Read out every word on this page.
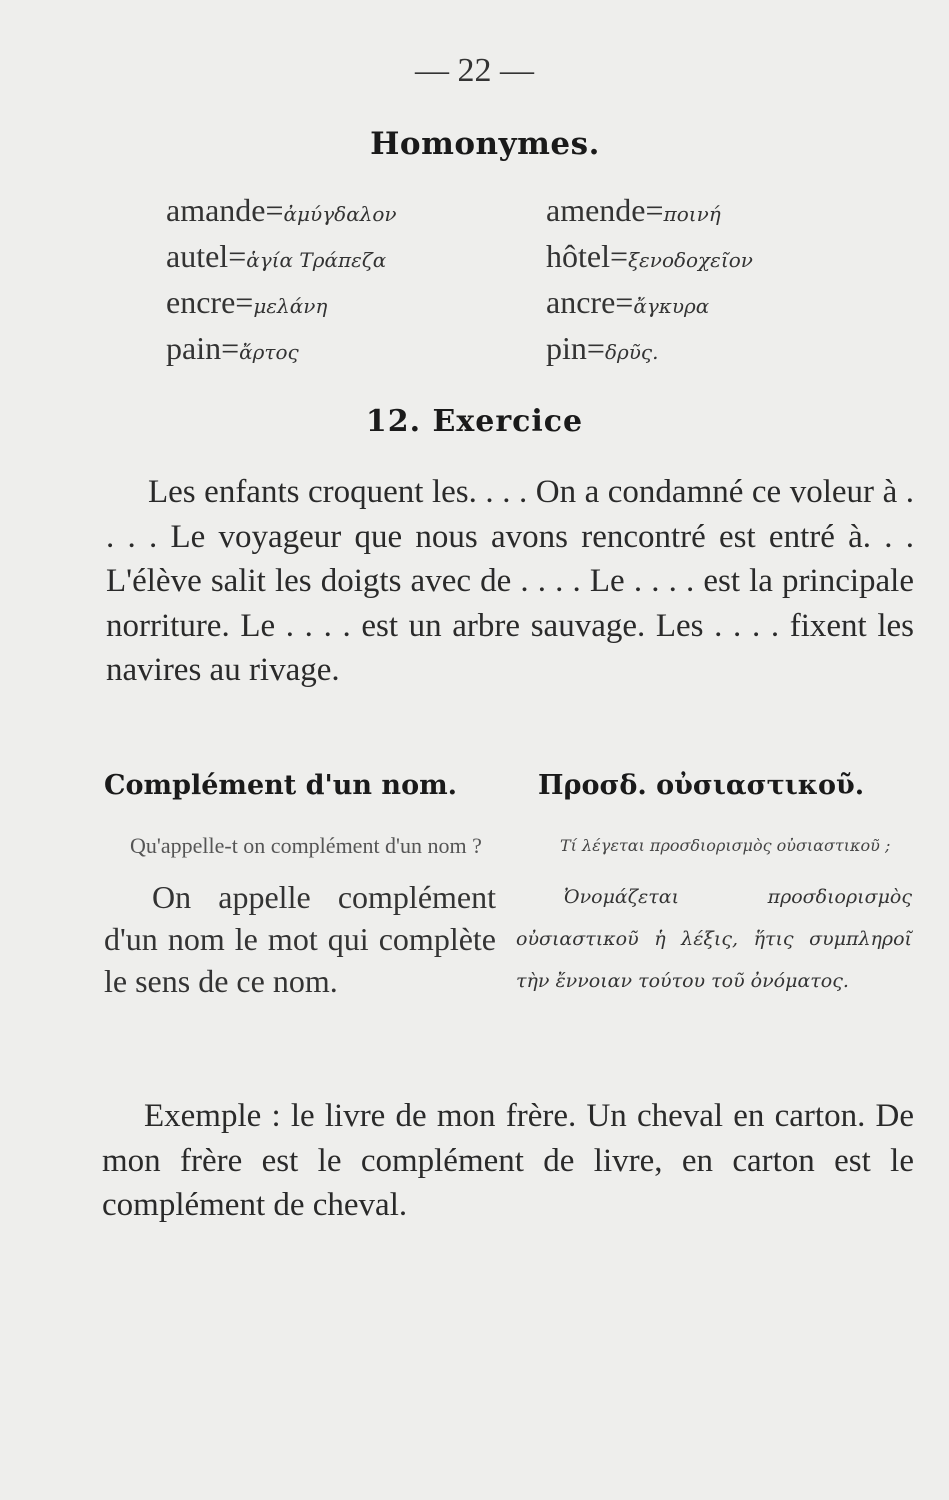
— 22 —
Homonymes.
amande=ἀμύγδαλον	amende=ποινή
autel=ἁγία Τράπεζα	hôtel=ξενοδοχεῖον
encre=μελάνη	ancre=ἄγκυρα
pain=ἄρτος	pin=δρῦς.
12. Exercice
Les enfants croquent les. . . . On a condamné ce voleur à . . . . Le voyageur que nous avons rencontré est entré à. . . L'élève salit les doigts avec de . . . . Le . . . . est la principale norriture. Le . . . . est un arbre sauvage. Les . . . . fixent les navires au rivage.
Complément d'un nom.	Προσδ. οὐσιαστικοῦ.
Qu'appelle-t on complément d'un nom ?
On appelle complément d'un nom le mot qui complète le sens de ce nom.
Τί λέγεται προσδιορισμὸς οὐσιαστικοῦ ;
Ὀνομάζεται προσδιορισμὸς οὐσιαστικοῦ ἡ λέξις, ἥτις συμπληροῖ τὴν ἔννοιαν τούτου τοῦ ὀνόματος.
Exemple : le livre de mon frère. Un cheval en carton. De mon frère est le complément de livre, en carton est le complément de cheval.
